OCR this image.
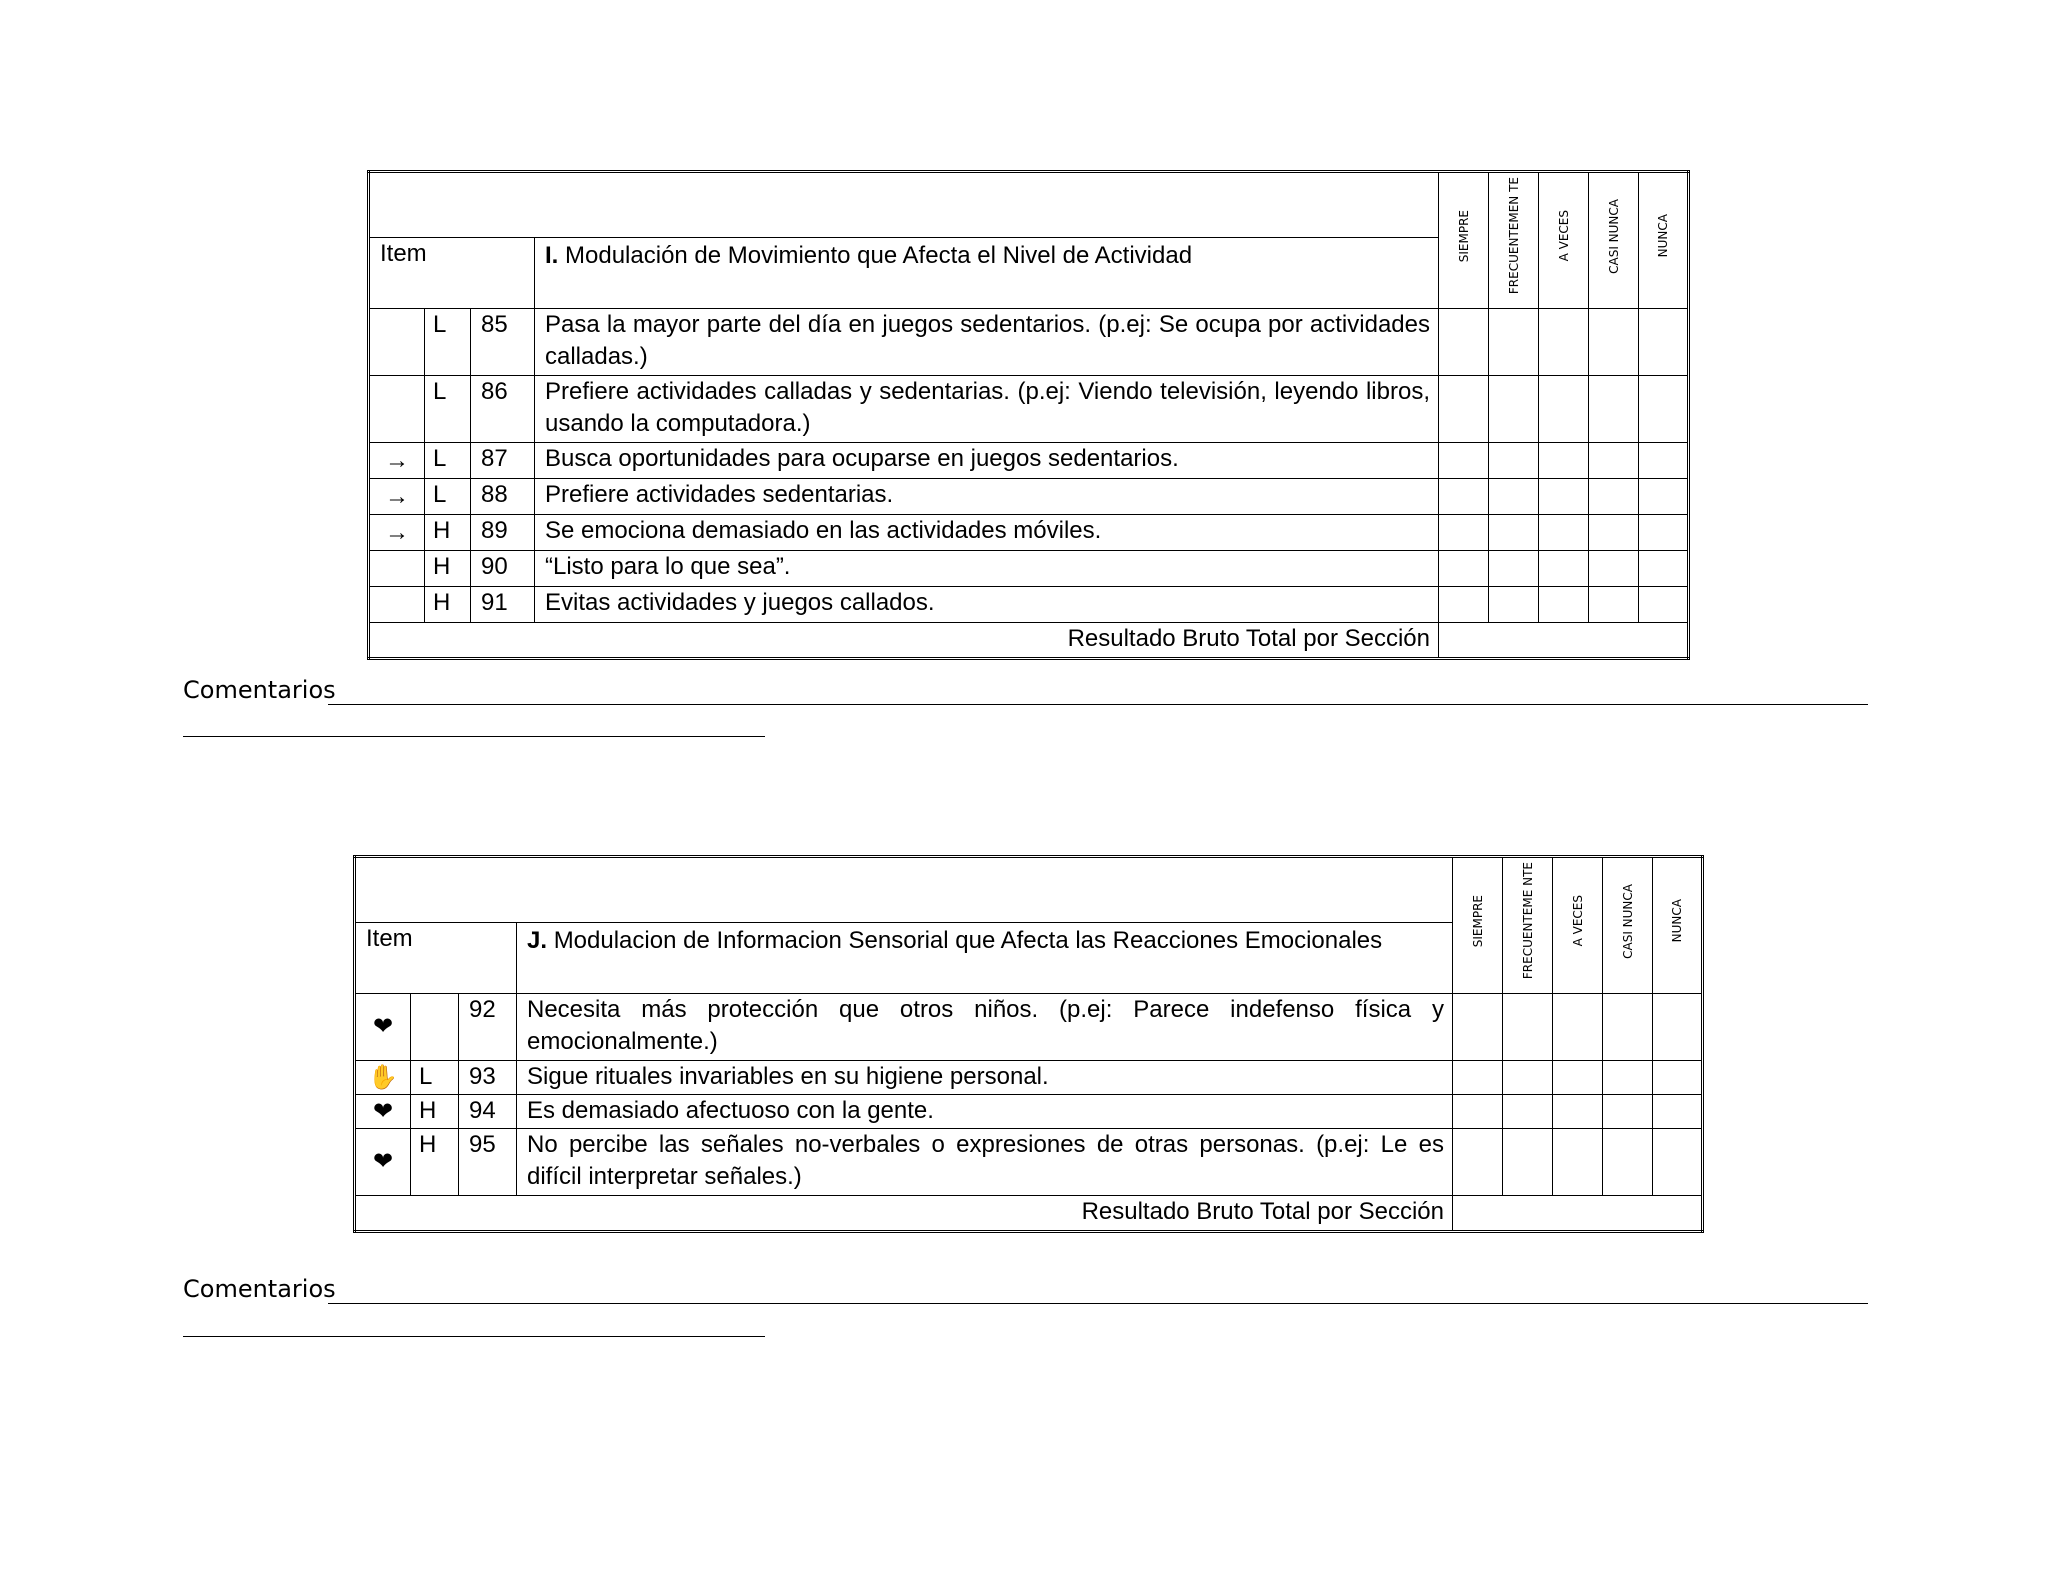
				SIEMPRE	FRECUENTEMEN TE	A VECES	CASI NUNCA	NUNCA
Item			I. Modulación de Movimiento que Afecta el Nivel de Actividad					
	L	85	Pasa la mayor parte del día en juegos sedentarios. (p.ej: Se ocupa por actividades calladas.)					
	L	86	Prefiere actividades calladas y sedentarias. (p.ej: Viendo televisión, leyendo libros, usando la computadora.)					
→	L	87	Busca oportunidades para ocuparse en juegos sedentarios.					
→	L	88	Prefiere actividades sedentarias.					
→	H	89	Se emociona demasiado en las actividades móviles.					
	H	90	“Listo para lo que sea”.					
	H	91	Evitas actividades y juegos callados.					
Resultado Bruto Total por Sección								
Comentarios
				SIEMPRE	FRECUENTEME NTE	A VECES	CASI NUNCA	NUNCA
Item			J. Modulacion de Informacion Sensorial que Afecta las Reacciones Emocionales					
❤		92	Necesita más protección que otros niños. (p.ej: Parece indefenso física y emocionalmente.)					
✋	L	93	Sigue rituales invariables en su higiene personal.					
❤	H	94	Es demasiado afectuoso con la gente.					
❤	H	95	No percibe las señales no-verbales o expresiones de otras personas. (p.ej: Le es difícil interpretar señales.)					
Resultado Bruto Total por Sección								
Comentarios
